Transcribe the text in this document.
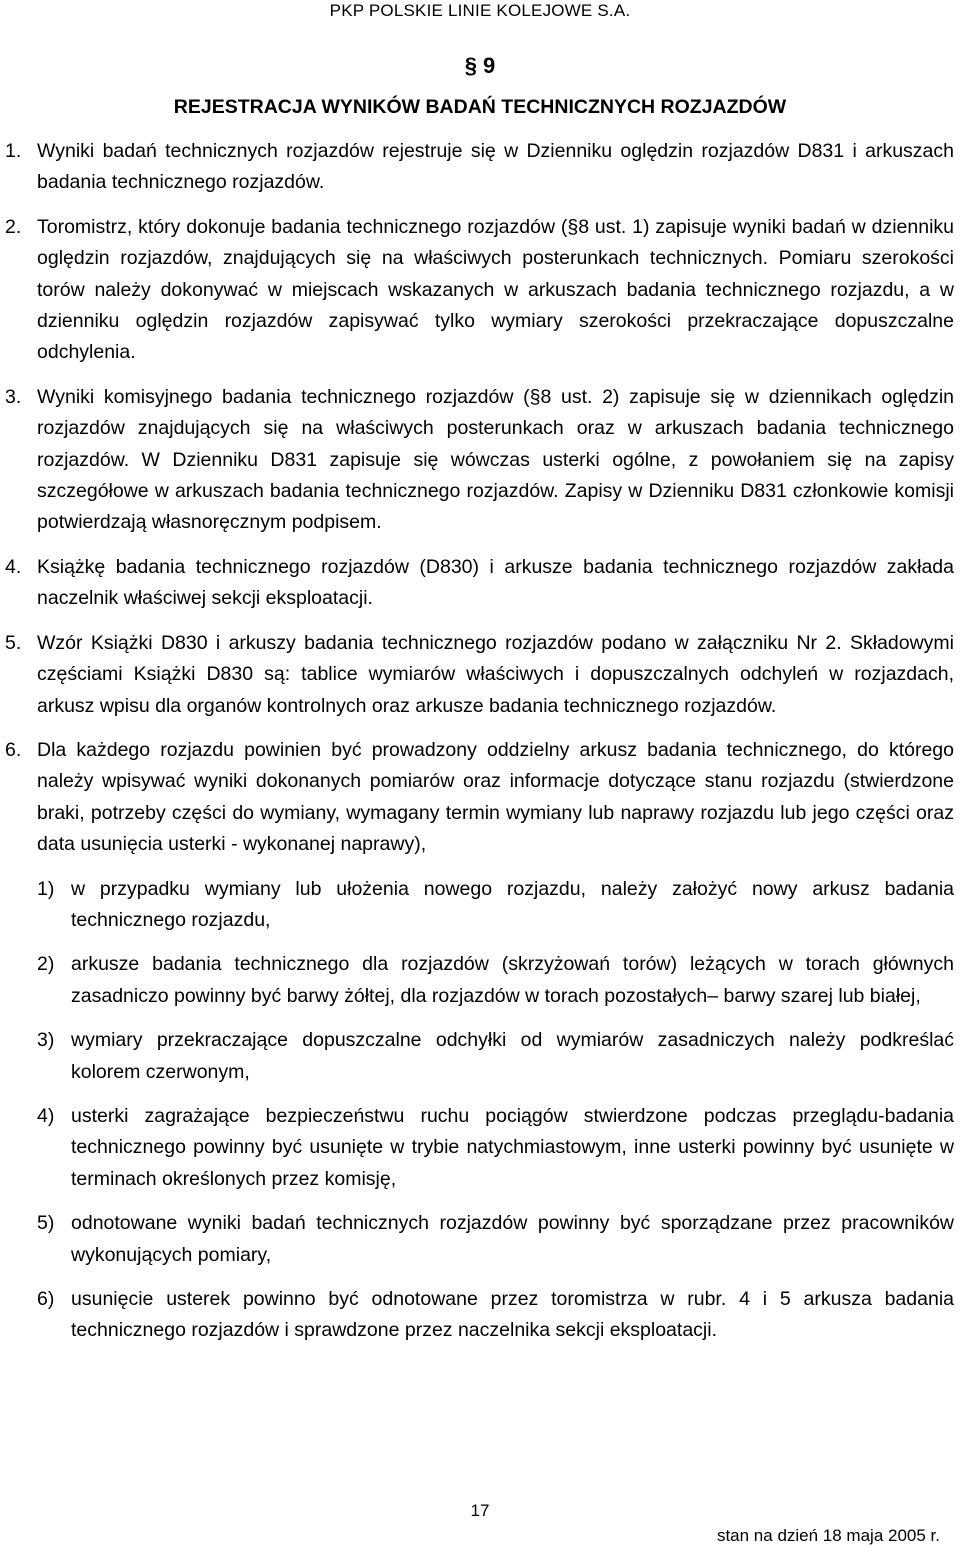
PKP POLSKIE LINIE KOLEJOWE S.A.
§ 9
REJESTRACJA WYNIKÓW BADAŃ TECHNICZNYCH ROZJAZDÓW
1. Wyniki badań technicznych rozjazdów rejestruje się w Dzienniku oględzin rozjazdów D831 i arkuszach badania technicznego rozjazdów.
2. Toromistrz, który dokonuje badania technicznego rozjazdów (§8 ust. 1) zapisuje wyniki badań w dzienniku oględzin rozjazdów, znajdujących się na właściwych posterunkach technicznych. Pomiaru szerokości torów należy dokonywać w miejscach wskazanych w arkuszach badania technicznego rozjazdu, a w dzienniku oględzin rozjazdów zapisywać tylko wymiary szerokości przekraczające dopuszczalne odchylenia.
3. Wyniki komisyjnego badania technicznego rozjazdów (§8 ust. 2) zapisuje się w dziennikach oględzin rozjazdów znajdujących się na właściwych posterunkach oraz w arkuszach badania technicznego rozjazdów. W Dzienniku D831 zapisuje się wówczas usterki ogólne, z powołaniem się na zapisy szczegółowe w arkuszach badania technicznego rozjazdów. Zapisy w Dzienniku D831 członkowie komisji potwierdzają własnoręcznym podpisem.
4. Książkę badania technicznego rozjazdów (D830) i arkusze badania technicznego rozjazdów zakłada naczelnik właściwej sekcji eksploatacji.
5. Wzór Książki D830 i arkuszy badania technicznego rozjazdów podano w załączniku Nr 2. Składowymi częściami Książki D830 są: tablice wymiarów właściwych i dopuszczalnych odchyleń w rozjazdach, arkusz wpisu dla organów kontrolnych oraz arkusze badania technicznego rozjazdów.
6. Dla każdego rozjazdu powinien być prowadzony oddzielny arkusz badania technicznego, do którego należy wpisywać wyniki dokonanych pomiarów oraz informacje dotyczące stanu rozjazdu (stwierdzone braki, potrzeby części do wymiany, wymagany termin wymiany lub naprawy rozjazdu lub jego części oraz data usunięcia usterki - wykonanej naprawy),
1) w przypadku wymiany lub ułożenia nowego rozjazdu, należy założyć nowy arkusz badania technicznego rozjazdu,
2) arkusze badania technicznego dla rozjazdów (skrzyżowań torów) leżących w torach głównych zasadniczo powinny być barwy żółtej, dla rozjazdów w torach pozostałych– barwy szarej lub białej,
3) wymiary przekraczające dopuszczalne odchyłki od wymiarów zasadniczych należy podkreślać kolorem czerwonym,
4) usterki zagrażające bezpieczeństwu ruchu pociągów stwierdzone podczas przeglądu-badania technicznego powinny być usunięte w trybie natychmiastowym, inne usterki powinny być usunięte w terminach określonych przez komisję,
5) odnotowane wyniki badań technicznych rozjazdów powinny być sporządzane przez pracowników wykonujących pomiary,
6) usunięcie usterek powinno być odnotowane przez toromistrza w rubr. 4 i 5 arkusza badania technicznego rozjazdów i sprawdzone przez naczelnika sekcji eksploatacji.
17
stan na dzień 18 maja 2005 r.
